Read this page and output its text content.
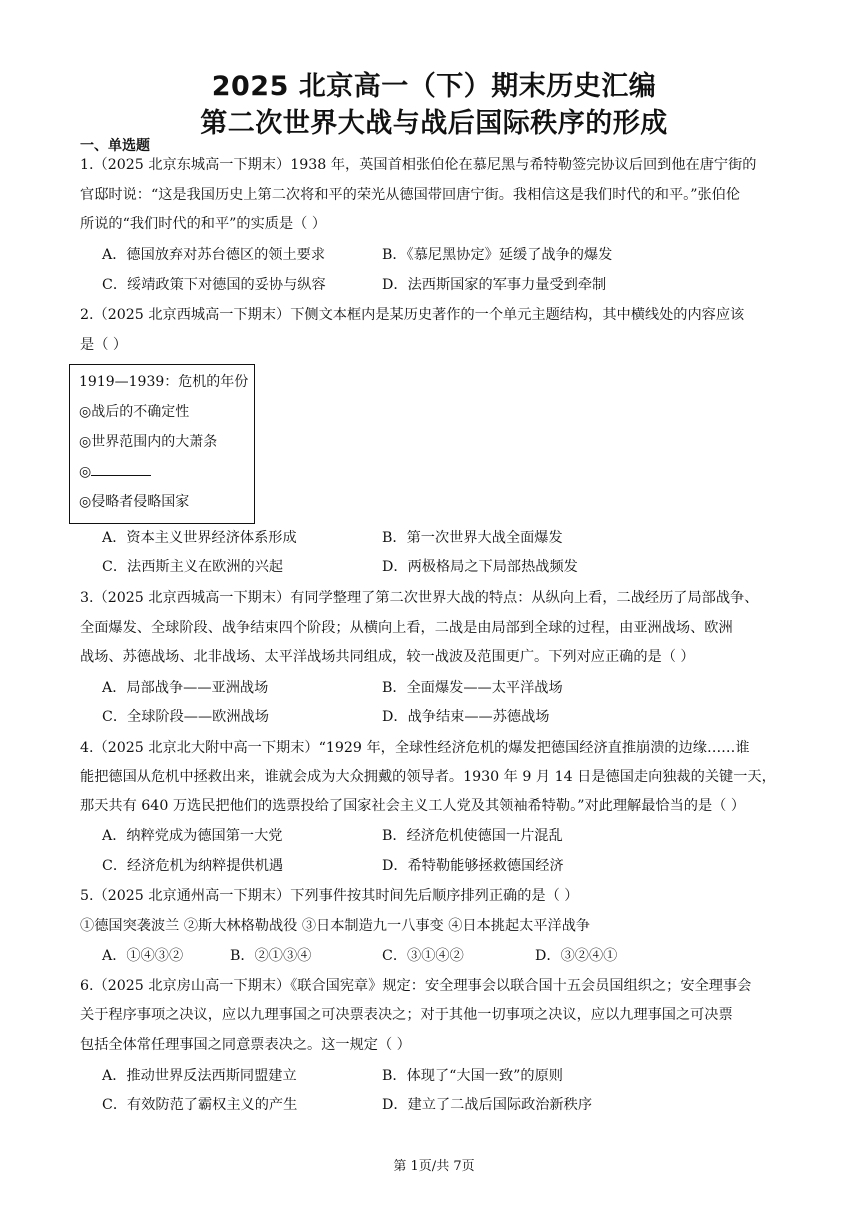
2025 北京高一（下）期末历史汇编
第二次世界大战与战后国际秩序的形成
一、单选题
1.（2025 北京东城高一下期末）1938 年，英国首相张伯伦在慕尼黑与希特勒签完协议后回到他在唐宁街的
官邸时说：“这是我国历史上第二次将和平的荣光从德国带回唐宁街。我相信这是我们时代的和平。”张伯伦
所说的“我们时代的和平”的实质是（ ）
A．德国放弃对苏台德区的领土要求	B．《慕尼黑协定》延缓了战争的爆发
C．绥靖政策下对德国的妥协与纵容	D．法西斯国家的军事力量受到牵制
2.（2025 北京西城高一下期末）下侧文本框内是某历史著作的一个单元主题结构，其中横线处的内容应该
是（ ）
1919—1939：危机的年份
◎战后的不确定性
◎世界范围内的大萧条
◎
◎侵略者侵略国家
A．资本主义世界经济体系形成	B．第一次世界大战全面爆发
C．法西斯主义在欧洲的兴起	D．两极格局之下局部热战频发
3.（2025 北京西城高一下期末）有同学整理了第二次世界大战的特点：从纵向上看，二战经历了局部战争、
全面爆发、全球阶段、战争结束四个阶段；从横向上看，二战是由局部到全球的过程，由亚洲战场、欧洲
战场、苏德战场、北非战场、太平洋战场共同组成，较一战波及范围更广。下列对应正确的是（ ）
A．局部战争——亚洲战场	B．全面爆发——太平洋战场
C．全球阶段——欧洲战场	D．战争结束——苏德战场
4.（2025 北京北大附中高一下期末）“1929 年，全球性经济危机的爆发把德国经济直推崩溃的边缘……谁
能把德国从危机中拯救出来，谁就会成为大众拥戴的领导者。1930 年 9 月 14 日是德国走向独裁的关键一天，
那天共有 640 万选民把他们的选票投给了国家社会主义工人党及其领袖希特勒。”对此理解最恰当的是（ ）
A．纳粹党成为德国第一大党	B．经济危机使德国一片混乱
C．经济危机为纳粹提供机遇	D．希特勒能够拯救德国经济
5.（2025 北京通州高一下期末）下列事件按其时间先后顺序排列正确的是（ ）
①德国突袭波兰 ②斯大林格勒战役 ③日本制造九一八事变 ④日本挑起太平洋战争
A．①④③②	B．②①③④	C．③①④②	D．③②④①
6.（2025 北京房山高一下期末）《联合国宪章》规定：安全理事会以联合国十五会员国组织之；安全理事会
关于程序事项之决议，应以九理事国之可决票表决之；对于其他一切事项之决议，应以九理事国之可决票
包括全体常任理事国之同意票表决之。这一规定（ ）
A．推动世界反法西斯同盟建立	B．体现了“大国一致”的原则
C．有效防范了霸权主义的产生	D．建立了二战后国际政治新秩序
第 1页/共 7页
